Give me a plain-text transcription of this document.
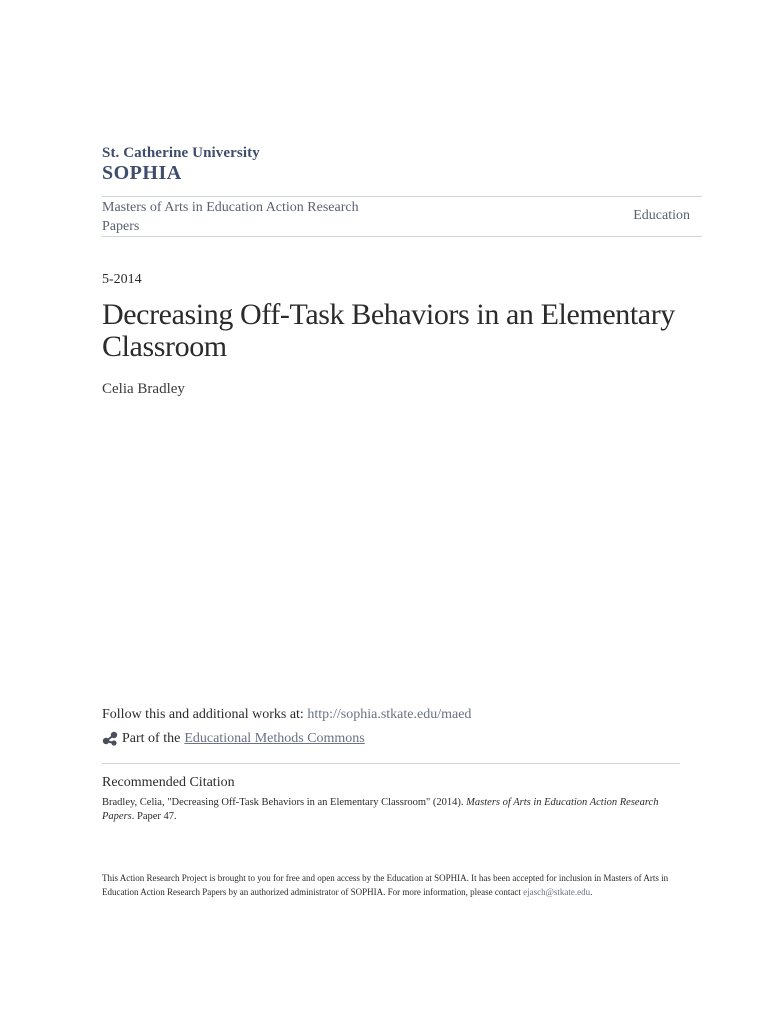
St. Catherine University
SOPHIA
Masters of Arts in Education Action Research Papers
Education
5-2014
Decreasing Off-Task Behaviors in an Elementary Classroom
Celia Bradley
Follow this and additional works at: http://sophia.stkate.edu/maed
Part of the Educational Methods Commons
Recommended Citation
Bradley, Celia, "Decreasing Off-Task Behaviors in an Elementary Classroom" (2014). Masters of Arts in Education Action Research Papers. Paper 47.
This Action Research Project is brought to you for free and open access by the Education at SOPHIA. It has been accepted for inclusion in Masters of Arts in Education Action Research Papers by an authorized administrator of SOPHIA. For more information, please contact ejasch@stkate.edu.
